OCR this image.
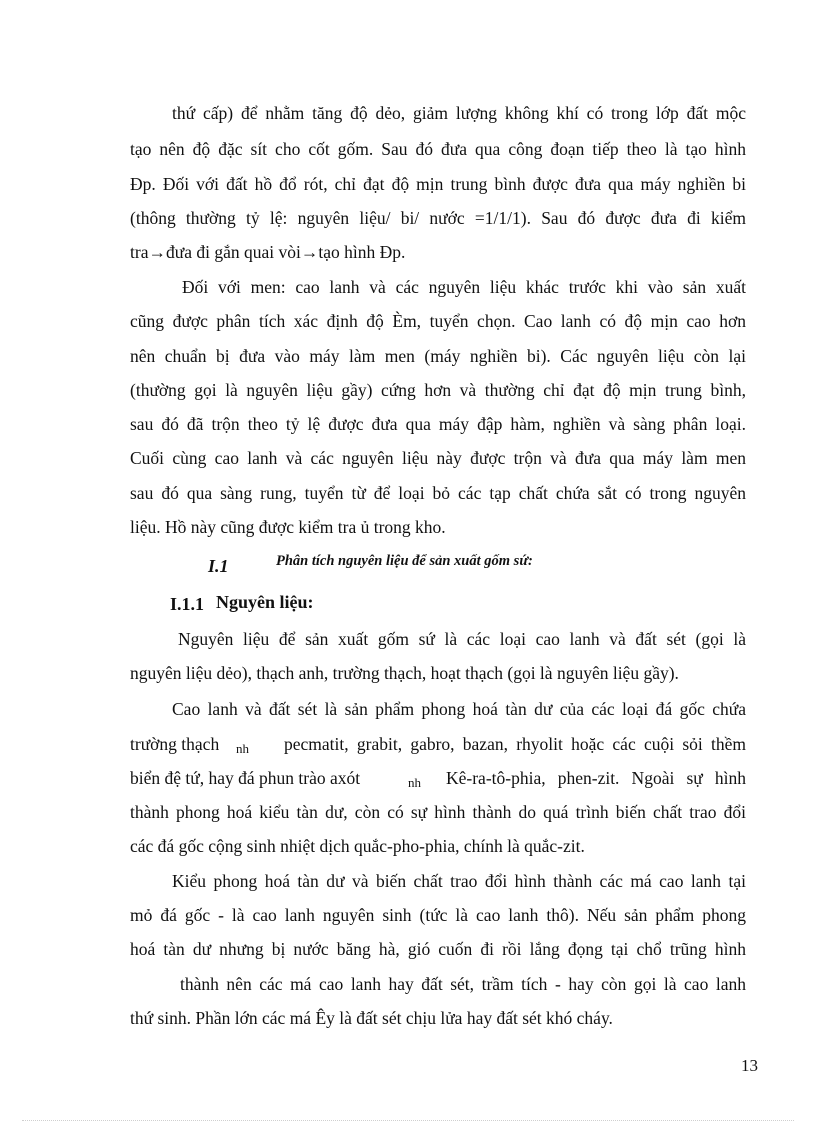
thứ cấp) để nhằm tăng độ dẻo, giảm lượng không khí có trong lớp đất mộc
tạo nên độ đặc sít cho cốt gốm. Sau đó đưa qua công đoạn tiếp theo là tạo hình
Đp. Đối với đất hồ đổ rót, chỉ đạt độ mịn trung bình được đưa qua máy nghiền bi
(thông thường tỷ lệ: nguyên liệu/ bi/ nước =1/1/1). Sau đó được đưa đi kiểm
tra→đưa đi gắn quai vòi→tạo hình Đp.
Đối với men: cao lanh và các nguyên liệu khác trước khi vào sản xuất
cũng được phân tích xác định độ Èm, tuyển chọn. Cao lanh có độ mịn cao hơn
nên chuẩn bị đưa vào máy làm men (máy nghiền bi). Các nguyên liệu còn lại
(thường gọi là nguyên liệu gầy) cứng hơn và thường chỉ đạt độ mịn trung bình,
sau đó đã trộn theo tỷ lệ được đưa qua máy đập hàm, nghiền và sàng phân loại.
Cuối cùng cao lanh và các nguyên liệu này được trộn và đưa qua máy làm men
sau đó qua sàng rung, tuyển từ để loại bỏ các tạp chất chứa sắt có trong nguyên
liệu. Hồ này cũng được kiểm tra ủ trong kho.
I.1	Phân tích nguyên liệu để sản xuất gốm sứ:
I.1.1 Nguyên liệu:
Nguyên liệu để sản xuất gốm sứ là các loại cao lanh và đất sét (gọi là
nguyên liệu dẻo), thạch anh, trường thạch, hoạt thạch (gọi là nguyên liệu gầy).
Cao lanh và đất sét là sản phẩm phong hoá tàn dư của các loại đá gốc chứa
trường thạch nh pecmatit, grabit, gabro, bazan, rhyolit hoặc các cuội sỏi thềm
biển đệ tứ, hay đá phun trào axót	nh Kê-ra-tô-phia, phen-zit. Ngoài sự hình
thành phong hoá kiểu tàn dư, còn có sự hình thành do quá trình biến chất trao đổi
các đá gốc cộng sinh nhiệt dịch quắc-pho-phia, chính là quắc-zit.
Kiểu phong hoá tàn dư và biến chất trao đổi hình thành các má cao lanh tại
mỏ đá gốc - là cao lanh nguyên sinh (tức là cao lanh thô). Nếu sản phẩm phong
hoá tàn dư nhưng bị nước băng hà, gió cuốn đi rồi lắng đọng tại chổ trũng hình
thành nên các má cao lanh hay đất sét, trầm tích - hay còn gọi là cao lanh
thứ sinh. Phần lớn các má Êy là đất sét chịu lửa hay đất sét khó cháy.
13
